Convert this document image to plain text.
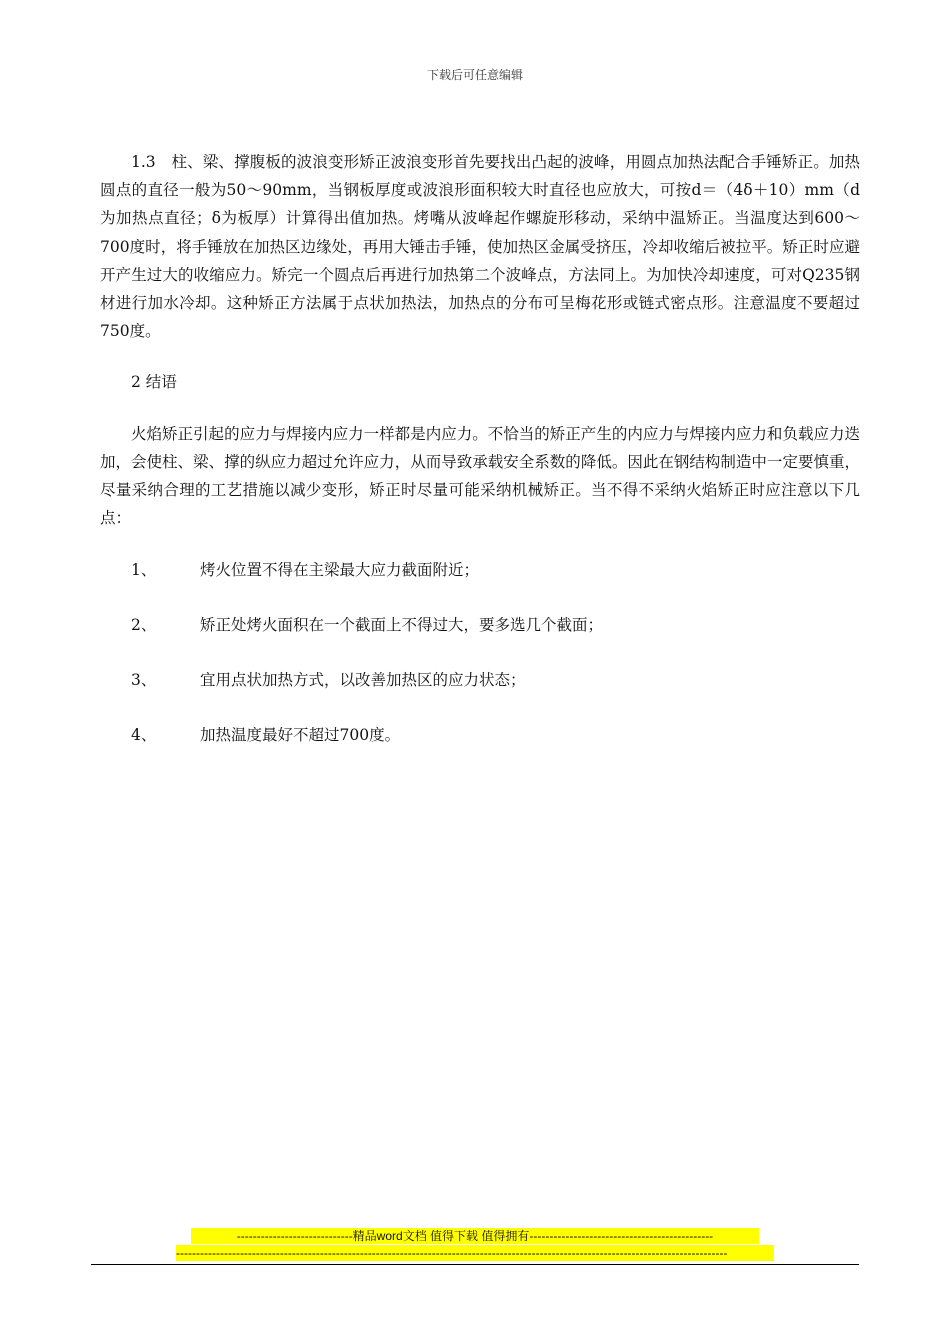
下载后可任意编辑

1.3　柱、梁、撑腹板的波浪变形矫正波浪变形首先要找出凸起的波峰，用圆点加热法配合手锤矫正。加热圆点的直径一般为50～90mm，当钢板厚度或波浪形面积较大时直径也应放大，可按d＝（4δ＋10）mm（d为加热点直径；δ为板厚）计算得出值加热。烤嘴从波峰起作螺旋形移动，采纳中温矫正。当温度达到600～700度时，将手锤放在加热区边缘处，再用大锤击手锤，使加热区金属受挤压，冷却收缩后被拉平。矫正时应避开产生过大的收缩应力。矫完一个圆点后再进行加热第二个波峰点，方法同上。为加快冷却速度，可对Q235钢材进行加水冷却。这种矫正方法属于点状加热法，加热点的分布可呈梅花形或链式密点形。注意温度不要超过750度。

2 结语

火焰矫正引起的应力与焊接内应力一样都是内应力。不恰当的矫正产生的内应力与焊接内应力和负载应力迭加，会使柱、梁、撑的纵应力超过允许应力，从而导致承载安全系数的降低。因此在钢结构制造中一定要慎重，尽量采纳合理的工艺措施以减少变形，矫正时尽量可能采纳机械矫正。当不得不采纳火焰矫正时应注意以下几点：

1、	烤火位置不得在主梁最大应力截面附近；
2、	矫正处烤火面积在一个截面上不得过大，要多选几个截面；
3、	宜用点状加热方式，以改善加热区的应力状态；
4、	加热温度最好不超过700度。
-----------------------------精品word文档 值得下载 值得拥有----------------------------------------------
------------------------------------------------------------------------------------------------------------------------------------------
